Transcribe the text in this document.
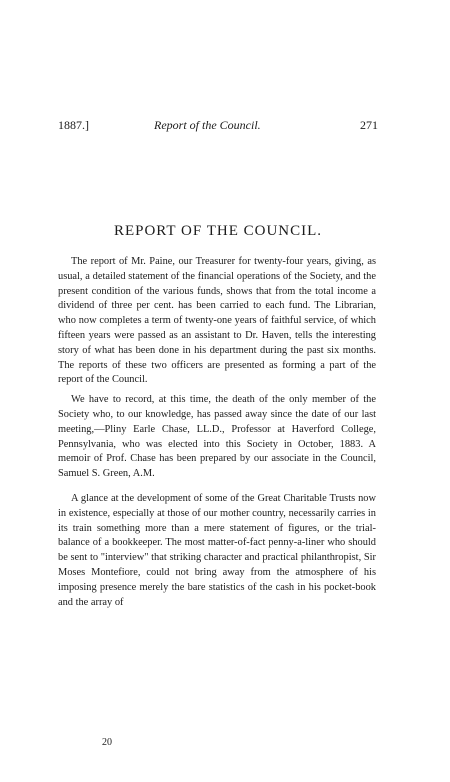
1887.]	Report of the Council.	271
REPORT OF THE COUNCIL.

The report of Mr. Paine, our Treasurer for twenty-four years, giving, as usual, a detailed statement of the financial operations of the Society, and the present condition of the various funds, shows that from the total income a dividend of three per cent. has been carried to each fund. The Librarian, who now completes a term of twenty-one years of faithful service, of which fifteen years were passed as an assistant to Dr. Haven, tells the interesting story of what has been done in his department during the past six months. The reports of these two officers are presented as forming a part of the report of the Council.

We have to record, at this time, the death of the only member of the Society who, to our knowledge, has passed away since the date of our last meeting,—Pliny Earle Chase, LL.D., Professor at Haverford College, Pennsylvania, who was elected into this Society in October, 1883. A memoir of Prof. Chase has been prepared by our associate in the Council, Samuel S. Green, A.M.

A glance at the development of some of the Great Charitable Trusts now in existence, especially at those of our mother country, necessarily carries in its train something more than a mere statement of figures, or the trial-balance of a bookkeeper. The most matter-of-fact penny-a-liner who should be sent to "interview" that striking character and practical philanthropist, Sir Moses Montefiore, could not bring away from the atmosphere of his imposing presence merely the bare statistics of the cash in his pocket-book and the array of

20
